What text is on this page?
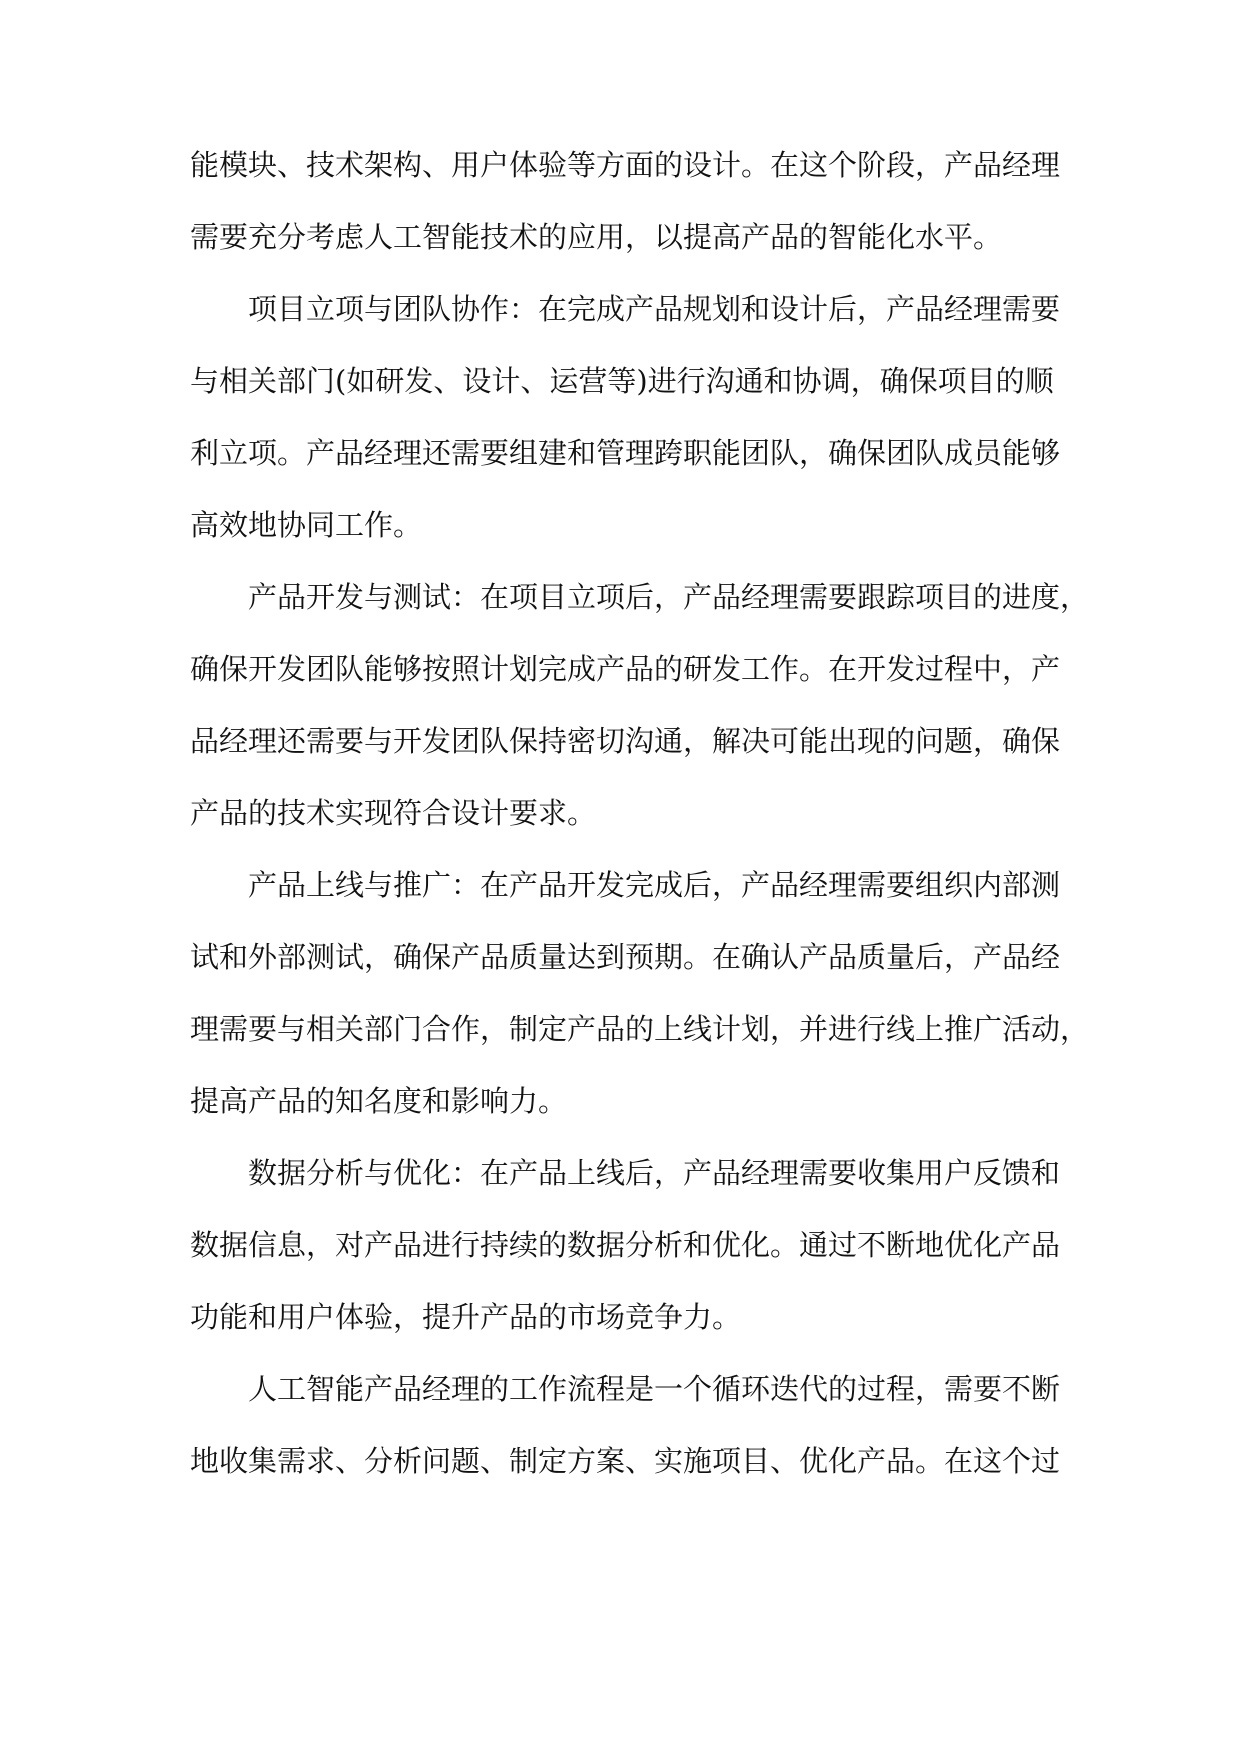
能模块、技术架构、用户体验等方面的设计。在这个阶段，产品经理
需要充分考虑人工智能技术的应用，以提高产品的智能化水平。
项目立项与团队协作：在完成产品规划和设计后，产品经理需要
与相关部门(如研发、设计、运营等)进行沟通和协调，确保项目的顺
利立项。产品经理还需要组建和管理跨职能团队，确保团队成员能够
高效地协同工作。
产品开发与测试：在项目立项后，产品经理需要跟踪项目的进度，
确保开发团队能够按照计划完成产品的研发工作。在开发过程中，产
品经理还需要与开发团队保持密切沟通，解决可能出现的问题，确保
产品的技术实现符合设计要求。
产品上线与推广：在产品开发完成后，产品经理需要组织内部测
试和外部测试，确保产品质量达到预期。在确认产品质量后，产品经
理需要与相关部门合作，制定产品的上线计划，并进行线上推广活动，
提高产品的知名度和影响力。
数据分析与优化：在产品上线后，产品经理需要收集用户反馈和
数据信息，对产品进行持续的数据分析和优化。通过不断地优化产品
功能和用户体验，提升产品的市场竞争力。
人工智能产品经理的工作流程是一个循环迭代的过程，需要不断
地收集需求、分析问题、制定方案、实施项目、优化产品。在这个过
